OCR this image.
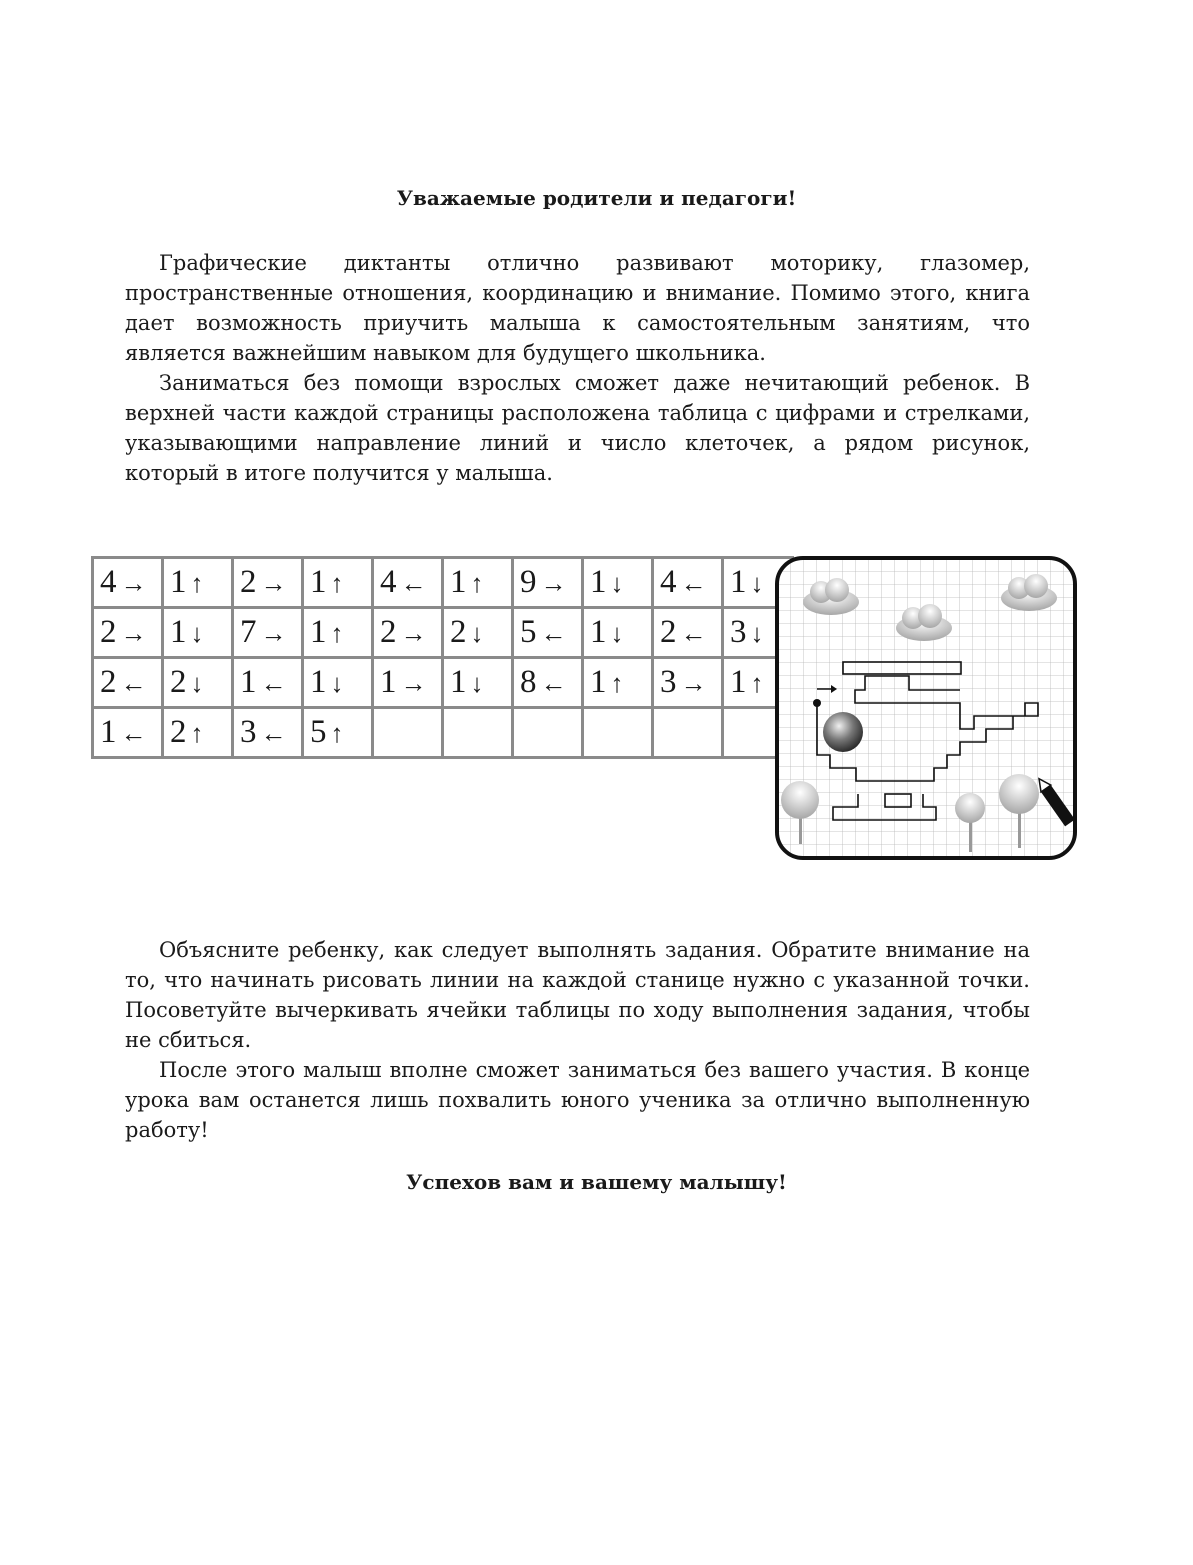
Уважаемые родители и педагоги!

Графические диктанты отлично развивают моторику, глазомер, пространственные отношения, координацию и внимание. Помимо этого, книга дает возможность приучить малыша к самостоятельным занятиям, что является важнейшим навыком для будущего школьника.

Заниматься без помощи взрослых сможет даже нечитающий ребенок. В верхней части каждой страницы расположена таблица с цифрами и стрелками, указывающими направление линий и число клеточек, а рядом рисунок, который в итоге получится у малыша.

4 →	1 ↑	2 →	1 ↑	4 ←	1 ↑	9 →	1 ↓	4 ←	1 ↓
2 →	1 ↓	7 →	1 ↑	2 →	2 ↓	5 ←	1 ↓	2 ←	3 ↓
2 ←	2 ↓	1 ←	1 ↓	1 →	1 ↓	8 ←	1 ↑	3 →	1 ↑
1 ←	2 ↑	3 ←	5 ↑						

Объясните ребенку, как следует выполнять задания. Обратите внимание на то, что начинать рисовать линии на каждой станице нужно с указанной точки. Посоветуйте вычеркивать ячейки таблицы по ходу выполнения задания, чтобы не сбиться.

После этого малыш вполне сможет заниматься без вашего участия. В конце урока вам останется лишь похвалить юного ученика за отлично выполненную работу!

Успехов вам и вашему малышу!
